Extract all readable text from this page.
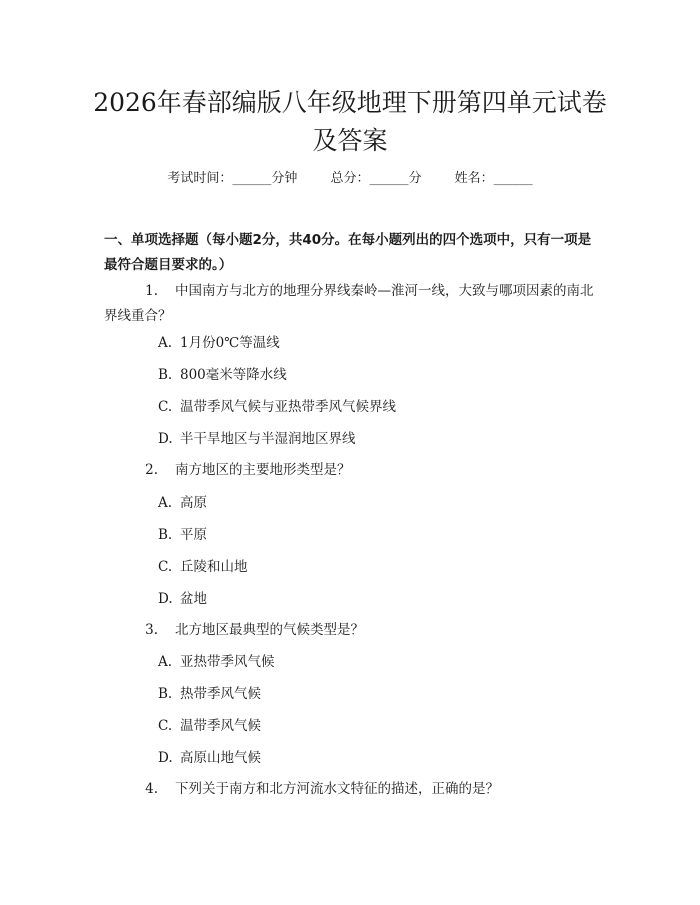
2026年春部编版八年级地理下册第四单元试卷及答案
考试时间：______分钟	总分：______分	姓名：______
一、单项选择题（每小题2分，共40分。在每小题列出的四个选项中，只有一项是最符合题目要求的。）
1. 中国南方与北方的地理分界线秦岭—淮河一线，大致与哪项因素的南北界线重合？
A. 1月份0℃等温线
B. 800毫米等降水线
C. 温带季风气候与亚热带季风气候界线
D. 半干旱地区与半湿润地区界线
2. 南方地区的主要地形类型是？
A. 高原
B. 平原
C. 丘陵和山地
D. 盆地
3. 北方地区最典型的气候类型是？
A. 亚热带季风气候
B. 热带季风气候
C. 温带季风气候
D. 高原山地气候
4. 下列关于南方和北方河流水文特征的描述，正确的是？
